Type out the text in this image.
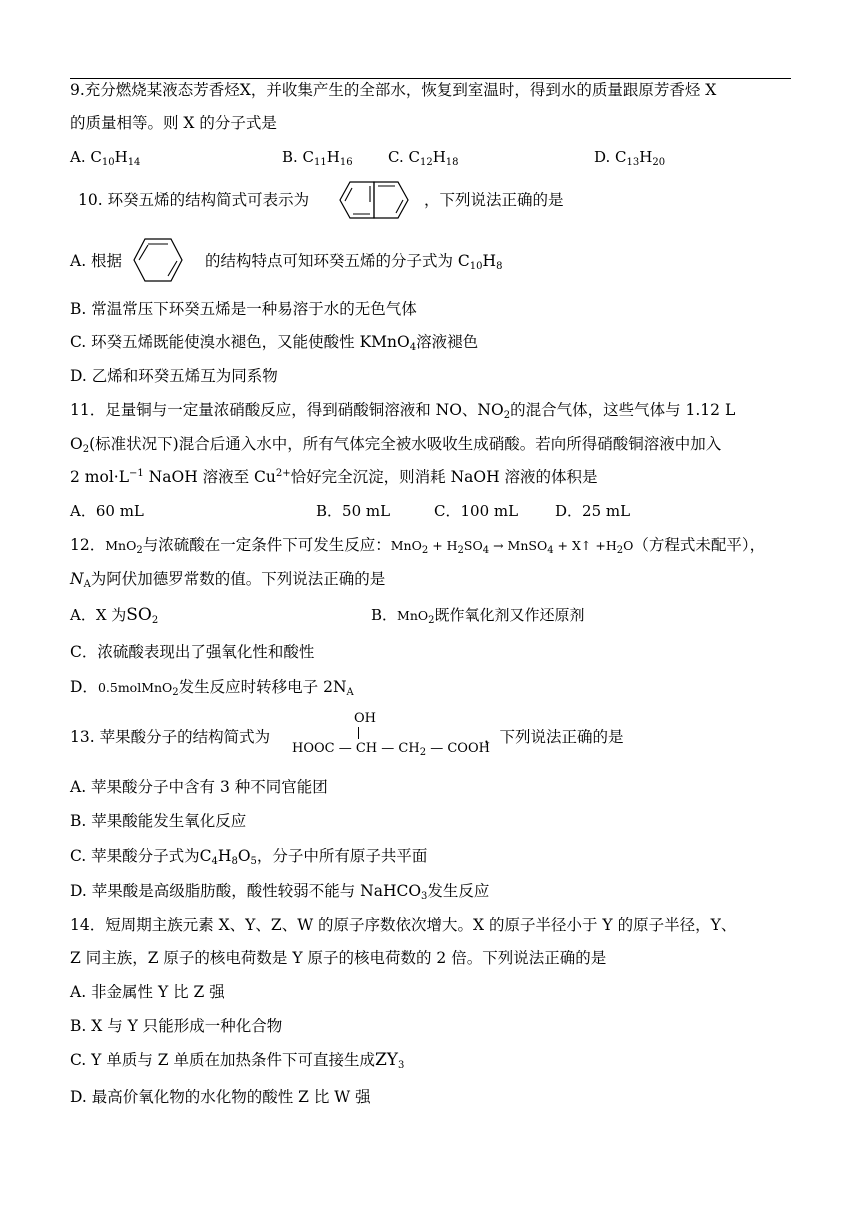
9.充分燃烧某液态芳香烃X，并收集产生的全部水，恢复到室温时，得到水的质量跟原芳香烃 X
的质量相等。则 X 的分子式是
A. $C_{10}H_{14}$	B. $C_{11}H_{16}$ C. $C_{12}H_{18}$	D. $C_{13}H_{20}$
10. 环癸五烯的结构简式可表示为	，下列说法正确的是
A. 根据	的结构特点可知环癸五烯的分子式为 $C_{10}H_8$
B. 常温常压下环癸五烯是一种易溶于水的无色气体
C. 环癸五烯既能使溴水褪色，又能使酸性 KMnO$_4$溶液褪色
D. 乙烯和环癸五烯互为同系物
11．足量铜与一定量浓硝酸反应，得到硝酸铜溶液和 NO、$NO_2$的混合气体，这些气体与 1.12 L
$O_2$(标准状况下)混合后通入水中，所有气体完全被水吸收生成硝酸。若向所得硝酸铜溶液中加入
2 $mol\cdot L^{-1}$ NaOH 溶液至 $Cu^{2+}$恰好完全沉淀，则消耗 NaOH 溶液的体积是
A．60 mL	B．50 mL	C．100 mL D．25 mL
12．MnO$_2$与浓硫酸在一定条件下可发生反应：$MnO_2 + H_2SO_4$ → MnSO$_4$ + X↑ $+H_2O$（方程式未配平），
$N_A$为阿伏加德罗常数的值。下列说法正确的是
A．X 为$SO_2$	B．MnO$_2$既作氧化剂又作还原剂
C．浓硫酸表现出了强氧化性和酸性
D．0.5molMnO$_2$发生反应时转移电子 $2N_A$
13. 苹果酸分子的结构简式为
OH
HOOC — CH — $CH_2$ — COOH
，下列说法正确的是
A. 苹果酸分子中含有 3 种不同官能团
B. 苹果酸能发生氧化反应
C. 苹果酸分子式为$C_4H_8O_5$，分子中所有原子共平面
D. 苹果酸是高级脂肪酸，酸性较弱不能与 NaHCO$_3$发生反应
14．短周期主族元素 X、Y、Z、W 的原子序数依次增大。X 的原子半径小于 Y 的原子半径，Y、
Z 同主族，Z 原子的核电荷数是 Y 原子的核电荷数的 2 倍。下列说法正确的是
A. 非金属性 Y 比 Z 强
B. X 与 Y 只能形成一种化合物
C. Y 单质与 Z 单质在加热条件下可直接生成$ZY_3$
D. 最高价氧化物的水化物的酸性 Z 比 W 强
